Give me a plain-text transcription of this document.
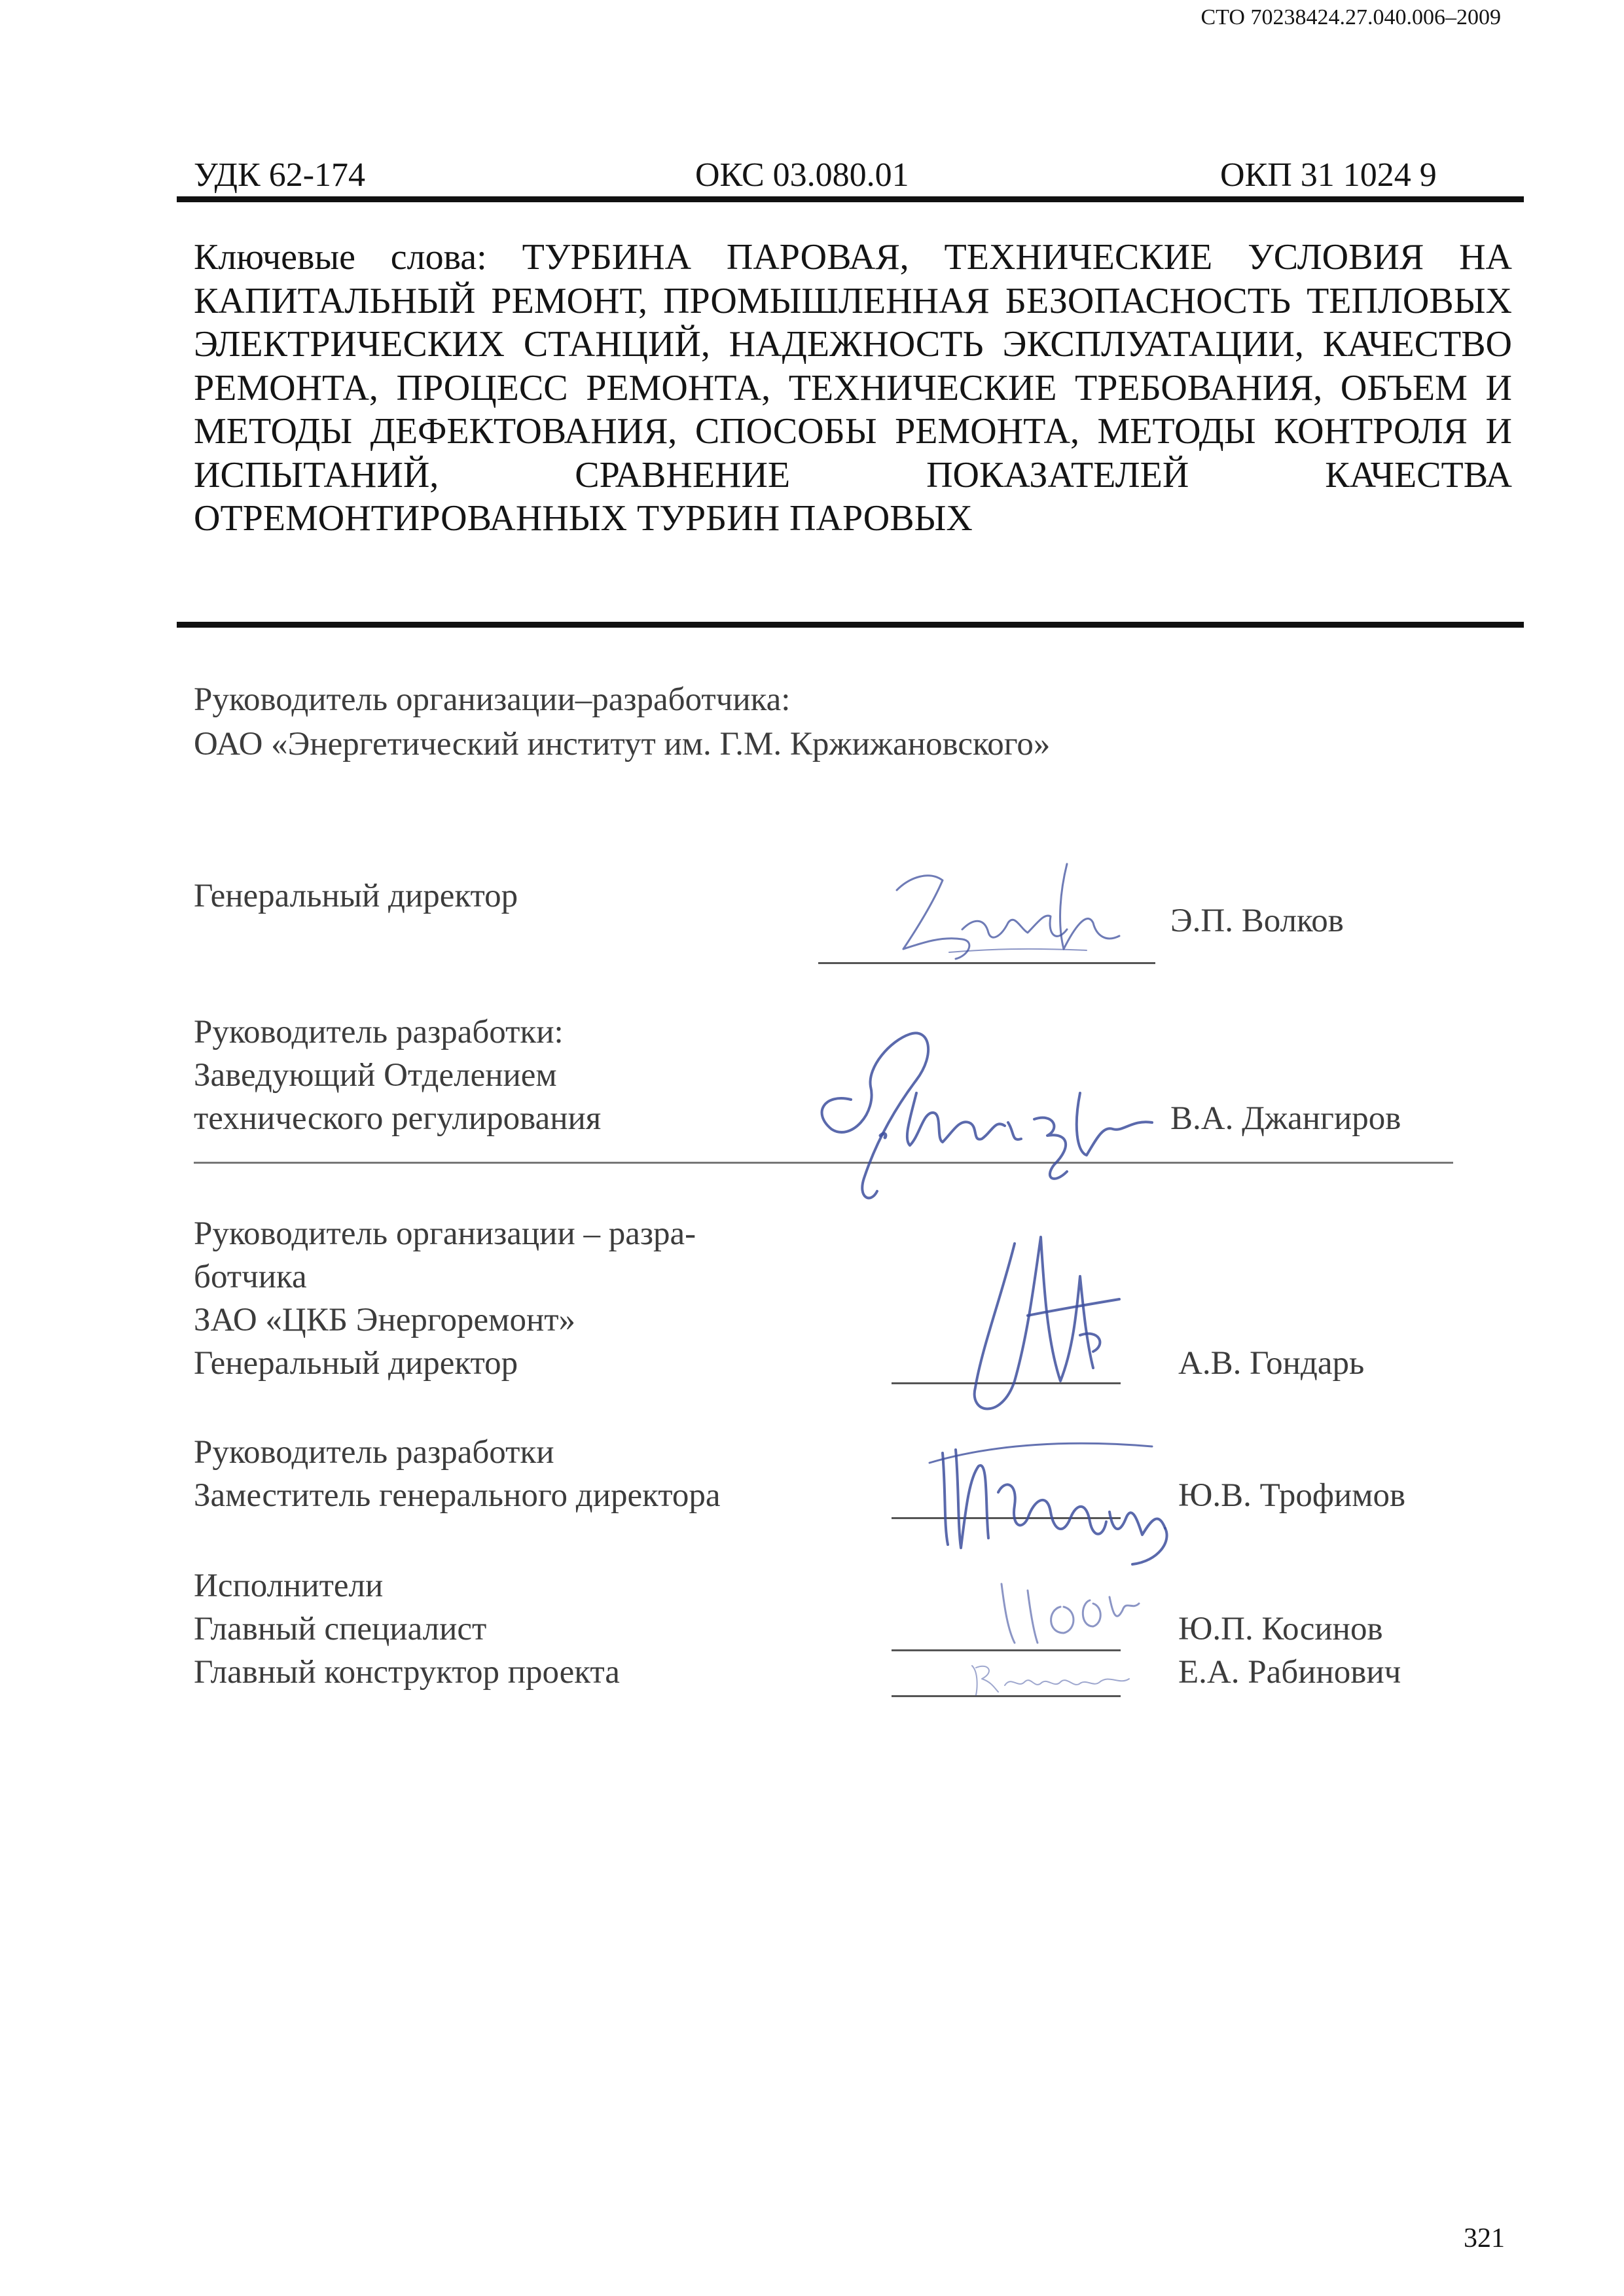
СТО 70238424.27.040.006–2009
УДК 62-174	ОКС 03.080.01	ОКП 31 1024 9
Ключевые слова: ТУРБИНА ПАРОВАЯ, ТЕХНИЧЕСКИЕ УСЛОВИЯ НА КАПИТАЛЬНЫЙ РЕМОНТ, ПРОМЫШЛЕННАЯ БЕЗОПАСНОСТЬ ТЕПЛОВЫХ ЭЛЕКТРИЧЕСКИХ СТАНЦИЙ, НАДЕЖНОСТЬ ЭКСПЛУАТАЦИИ, КАЧЕСТВО РЕМОНТА, ПРОЦЕСС РЕМОНТА, ТЕХНИЧЕСКИЕ ТРЕБОВАНИЯ, ОБЪЕМ И МЕТОДЫ ДЕФЕКТОВАНИЯ, СПОСОБЫ РЕМОНТА, МЕТОДЫ КОНТРОЛЯ И ИСПЫТАНИЙ, СРАВНЕНИЕ ПОКАЗАТЕЛЕЙ КАЧЕСТВА ОТРЕМОНТИРОВАННЫХ ТУРБИН ПАРОВЫХ
Руководитель организации–разработчика:
ОАО «Энергетический институт им. Г.М. Кржижановского»
Генеральный директор
Руководитель разработки:
Заведующий Отделением
технического регулирования
Э.П. Волков
В.А. Джангиров
Руководитель организации – разра-
ботчика
ЗАО «ЦКБ Энергоремонт»
Генеральный директор
Руководитель разработки
Заместитель генерального директора
А.В. Гондарь
Ю.В. Трофимов
Исполнители
Главный специалист
Главный конструктор проекта
Ю.П. Косинов
Е.А. Рабинович
321
